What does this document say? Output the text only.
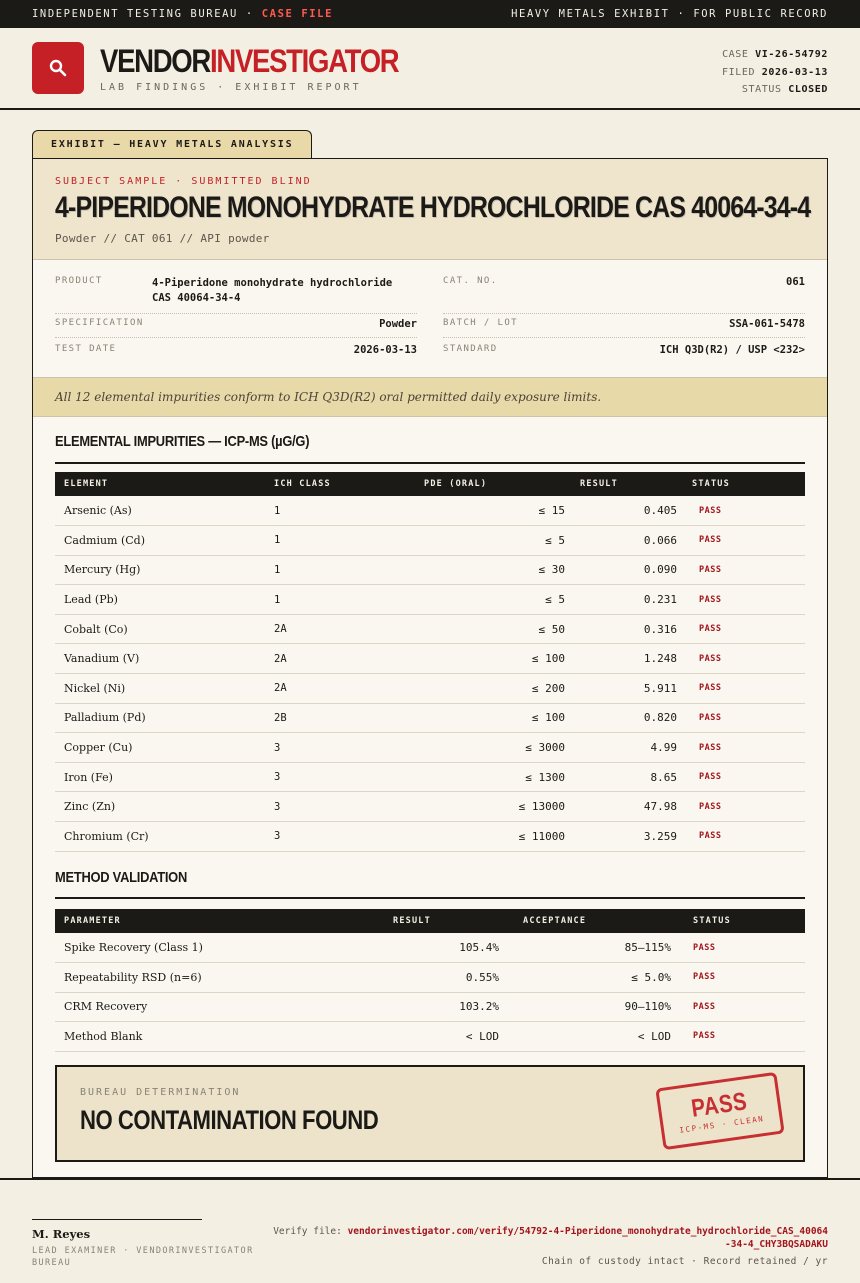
INDEPENDENT TESTING BUREAU · CASE FILE	HEAVY METALS EXHIBIT · FOR PUBLIC RECORD
VENDORINVESTIGATOR
LAB FINDINGS · EXHIBIT REPORT
CASE VI-26-54792
FILED 2026-03-13
STATUS CLOSED
EXHIBIT — HEAVY METALS ANALYSIS
SUBJECT SAMPLE · SUBMITTED BLIND
4-PIPERIDONE MONOHYDRATE HYDROCHLORIDE CAS 40064-34-4
Powder // CAT 061 // API powder
PRODUCT	4-Piperidone monohydrate hydrochloride CAS 40064-34-4
CAT. NO.	061
SPECIFICATION	Powder	BATCH / LOT	SSA-061-5478
TEST DATE	2026-03-13	STANDARD	ICH Q3D(R2) / USP <232>
All 12 elemental impurities conform to ICH Q3D(R2) oral permitted daily exposure limits.
ELEMENTAL IMPURITIES — ICP-MS (µG/G)
ELEMENT	ICH CLASS	PDE (ORAL)	RESULT	STATUS
Arsenic (As)	1	≤ 15	0.405	PASS
Cadmium (Cd)	1	≤ 5	0.066	PASS
Mercury (Hg)	1	≤ 30	0.090	PASS
Lead (Pb)	1	≤ 5	0.231	PASS
Cobalt (Co)	2A	≤ 50	0.316	PASS
Vanadium (V)	2A	≤ 100	1.248	PASS
Nickel (Ni)	2A	≤ 200	5.911	PASS
Palladium (Pd)	2B	≤ 100	0.820	PASS
Copper (Cu)	3	≤ 3000	4.99	PASS
Iron (Fe)	3	≤ 1300	8.65	PASS
Zinc (Zn)	3	≤ 13000	47.98	PASS
Chromium (Cr)	3	≤ 11000	3.259	PASS
METHOD VALIDATION
PARAMETER	RESULT	ACCEPTANCE	STATUS
Spike Recovery (Class 1)	105.4%	85–115%	PASS
Repeatability RSD (n=6)	0.55%	≤ 5.0%	PASS
CRM Recovery	103.2%	90–110%	PASS
Method Blank	< LOD	< LOD	PASS
BUREAU DETERMINATION
NO CONTAMINATION FOUND	PASS
ICP-MS · CLEAN
M. Reyes
LEAD EXAMINER · VENDORINVESTIGATOR BUREAU
Verify file: vendorinvestigator.com/verify/54792-4-Piperidone_monohydrate_hydrochloride_CAS_40064-34-4_CHY3BQSADAKU
Chain of custody intact · Record retained / yr
